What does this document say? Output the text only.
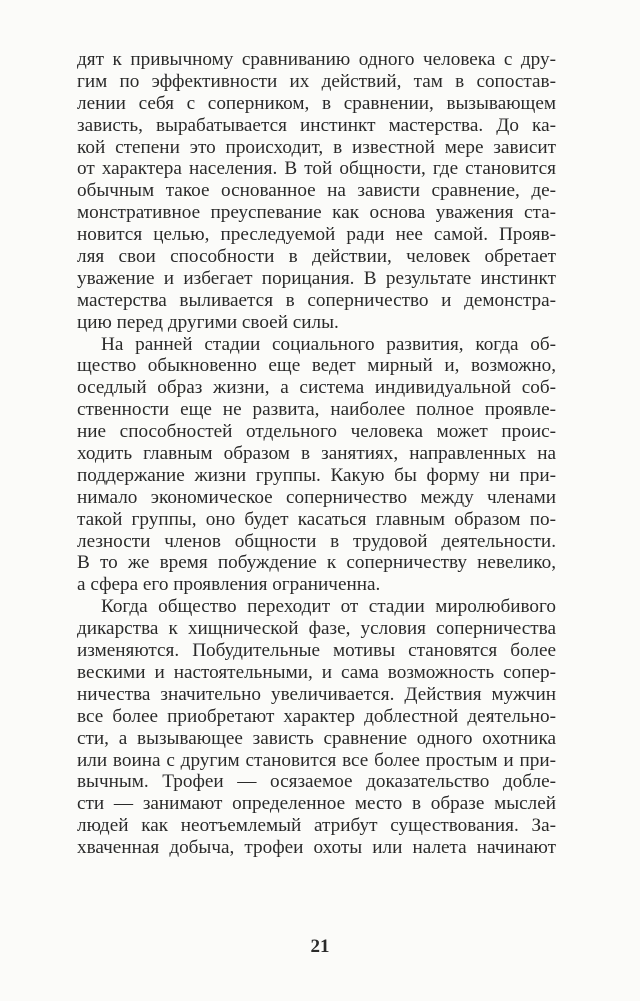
дят к привычному сравниванию одного человека с дру-
гим по эффективности их действий, там в сопостав-
лении себя с соперником, в сравнении, вызывающем
зависть, вырабатывается инстинкт мастерства. До ка-
кой степени это происходит, в известной мере зависит
от характера населения. В той общности, где становится
обычным такое основанное на зависти сравнение, де-
монстративное преуспевание как основа уважения ста-
новится целью, преследуемой ради нее самой. Прояв-
ляя свои способности в действии, человек обретает
уважение и избегает порицания. В результате инстинкт
мастерства выливается в соперничество и демонстра-
цию перед другими своей силы.
На ранней стадии социального развития, когда об-
щество обыкновенно еще ведет мирный и, возможно,
оседлый образ жизни, а система индивидуальной соб-
ственности еще не развита, наиболее полное проявле-
ние способностей отдельного человека может проис-
ходить главным образом в занятиях, направленных на
поддержание жизни группы. Какую бы форму ни при-
нимало экономическое соперничество между членами
такой группы, оно будет касаться главным образом по-
лезности членов общности в трудовой деятельности.
В то же время побуждение к соперничеству невелико,
а сфера его проявления ограниченна.
Когда общество переходит от стадии миролюбивого
дикарства к хищнической фазе, условия соперничества
изменяются. Побудительные мотивы становятся более
вескими и настоятельными, и сама возможность сопер-
ничества значительно увеличивается. Действия мужчин
все более приобретают характер доблестной деятельно-
сти, а вызывающее зависть сравнение одного охотника
или воина с другим становится все более простым и при-
вычным. Трофеи — осязаемое доказательство добле-
сти — занимают определенное место в образе мыслей
людей как неотъемлемый атрибут существования. За-
хваченная добыча, трофеи охоты или налета начинают
21
